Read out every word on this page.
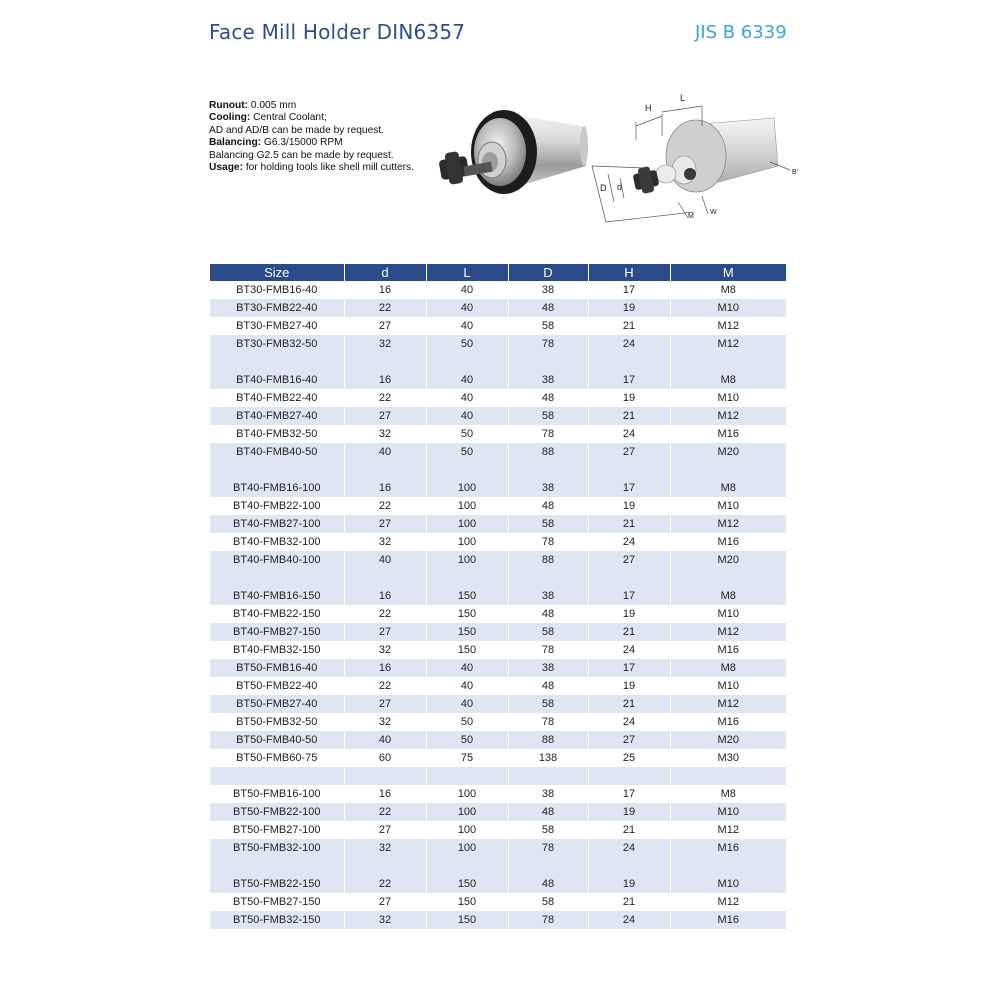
Face Mill Holder DIN6357	JIS B 6339
Runout: 0.005 mm
Cooling: Central Coolant;
AD and AD/B can be made by request.
Balancing: G6.3/15000 RPM
Balancing G2.5 can be made by request.
Usage: for holding tools like shell mill cutters.
H
L
D d
M
W
B'
Size	d	L	D	H	M
BT30-FMB16-40	16	40	38	17	M8
BT30-FMB22-40	22	40	48	19	M10
BT30-FMB27-40	27	40	58	21	M12
BT30-FMB32-50	32	50	78	24	M12

BT40-FMB16-40	16	40	38	17	M8
BT40-FMB22-40	22	40	48	19	M10
BT40-FMB27-40	27	40	58	21	M12
BT40-FMB32-50	32	50	78	24	M16
BT40-FMB40-50	40	50	88	27	M20

BT40-FMB16-100	16	100	38	17	M8
BT40-FMB22-100	22	100	48	19	M10
BT40-FMB27-100	27	100	58	21	M12
BT40-FMB32-100	32	100	78	24	M16
BT40-FMB40-100	40	100	88	27	M20

BT40-FMB16-150	16	150	38	17	M8
BT40-FMB22-150	22	150	48	19	M10
BT40-FMB27-150	27	150	58	21	M12
BT40-FMB32-150	32	150	78	24	M16
BT50-FMB16-40	16	40	38	17	M8
BT50-FMB22-40	22	40	48	19	M10
BT50-FMB27-40	27	40	58	21	M12
BT50-FMB32-50	32	50	78	24	M16
BT50-FMB40-50	40	50	88	27	M20
BT50-FMB60-75	60	75	138	25	M30

BT50-FMB16-100	16	100	38	17	M8
BT50-FMB22-100	22	100	48	19	M10
BT50-FMB27-100	27	100	58	21	M12
BT50-FMB32-100	32	100	78	24	M16

BT50-FMB22-150	22	150	48	19	M10
BT50-FMB27-150	27	150	58	21	M12
BT50-FMB32-150	32	150	78	24	M16
